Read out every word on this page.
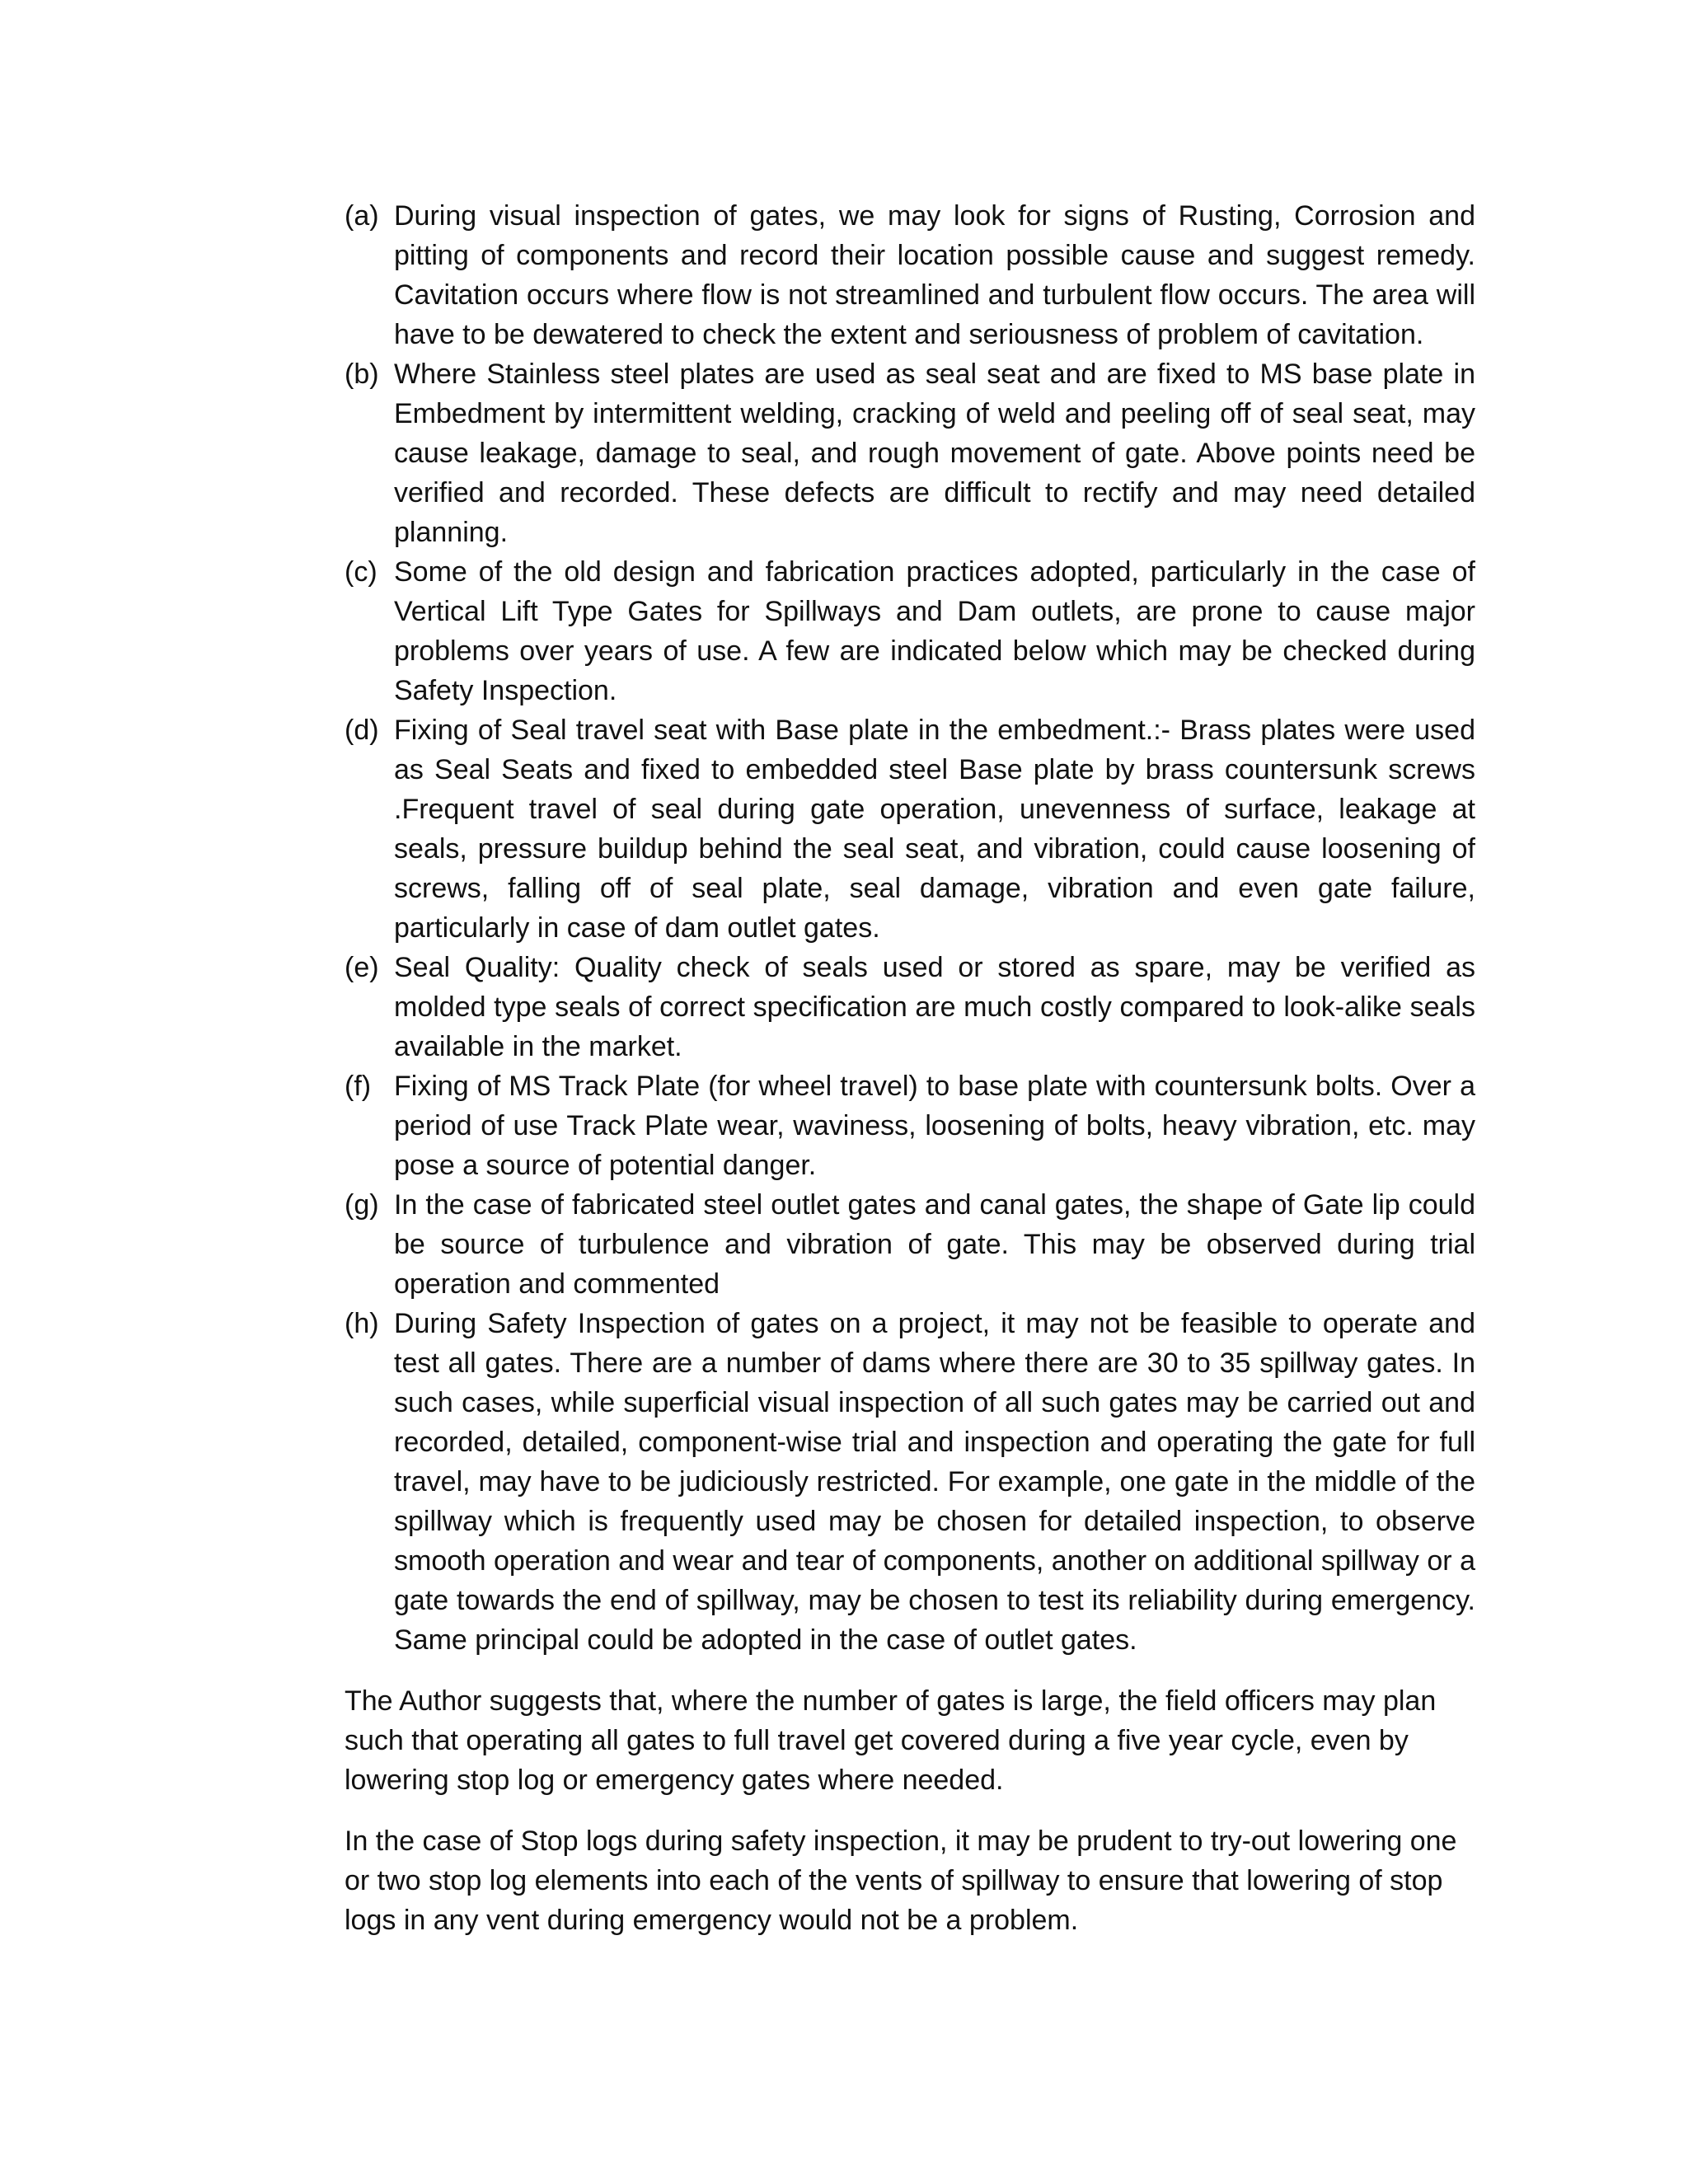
(a) During visual inspection of gates, we may look for signs of Rusting, Corrosion and pitting of components and record their location possible cause and suggest remedy. Cavitation occurs where flow is not streamlined and turbulent flow occurs. The area will have to be dewatered to check the extent and seriousness of problem of cavitation.
(b) Where Stainless steel plates are used as seal seat and are fixed to MS base plate in Embedment by intermittent welding, cracking of weld and peeling off of seal seat, may cause leakage, damage to seal, and rough movement of gate. Above points need be verified and recorded. These defects are difficult to rectify and may need detailed planning.
(c) Some of the old design and fabrication practices adopted, particularly in the case of Vertical Lift Type Gates for Spillways and Dam outlets, are prone to cause major problems over years of use. A few are indicated below which may be checked during Safety Inspection.
(d) Fixing of Seal travel seat with Base plate in the embedment.:- Brass plates were used as Seal Seats and fixed to embedded steel Base plate by brass countersunk screws .Frequent travel of seal during gate operation, unevenness of surface, leakage at seals, pressure buildup behind the seal seat, and vibration, could cause loosening of screws, falling off of seal plate, seal damage, vibration and even gate failure, particularly in case of dam outlet gates.
(e) Seal Quality: Quality check of seals used or stored as spare, may be verified as molded type seals of correct specification are much costly compared to look-alike seals available in the market.
(f) Fixing of MS Track Plate (for wheel travel) to base plate with countersunk bolts. Over a period of use Track Plate wear, waviness, loosening of bolts, heavy vibration, etc. may pose a source of potential danger.
(g) In the case of fabricated steel outlet gates and canal gates, the shape of Gate lip could be source of turbulence and vibration of gate. This may be observed during trial operation and commented
(h) During Safety Inspection of gates on a project, it may not be feasible to operate and test all gates. There are a number of dams where there are 30 to 35 spillway gates. In such cases, while superficial visual inspection of all such gates may be carried out and recorded, detailed, component-wise trial and inspection and operating the gate for full travel, may have to be judiciously restricted. For example, one gate in the middle of the spillway which is frequently used may be chosen for detailed inspection, to observe smooth operation and wear and tear of components, another on additional spillway or a gate towards the end of spillway, may be chosen to test its reliability during emergency. Same principal could be adopted in the case of outlet gates.

The Author suggests that, where the number of gates is large, the field officers may plan such that operating all gates to full travel get covered during a five year cycle, even by lowering stop log or emergency gates where needed.

In the case of Stop logs during safety inspection, it may be prudent to try-out lowering one or two stop log elements into each of the vents of spillway to ensure that lowering of stop logs in any vent during emergency would not be a problem.
